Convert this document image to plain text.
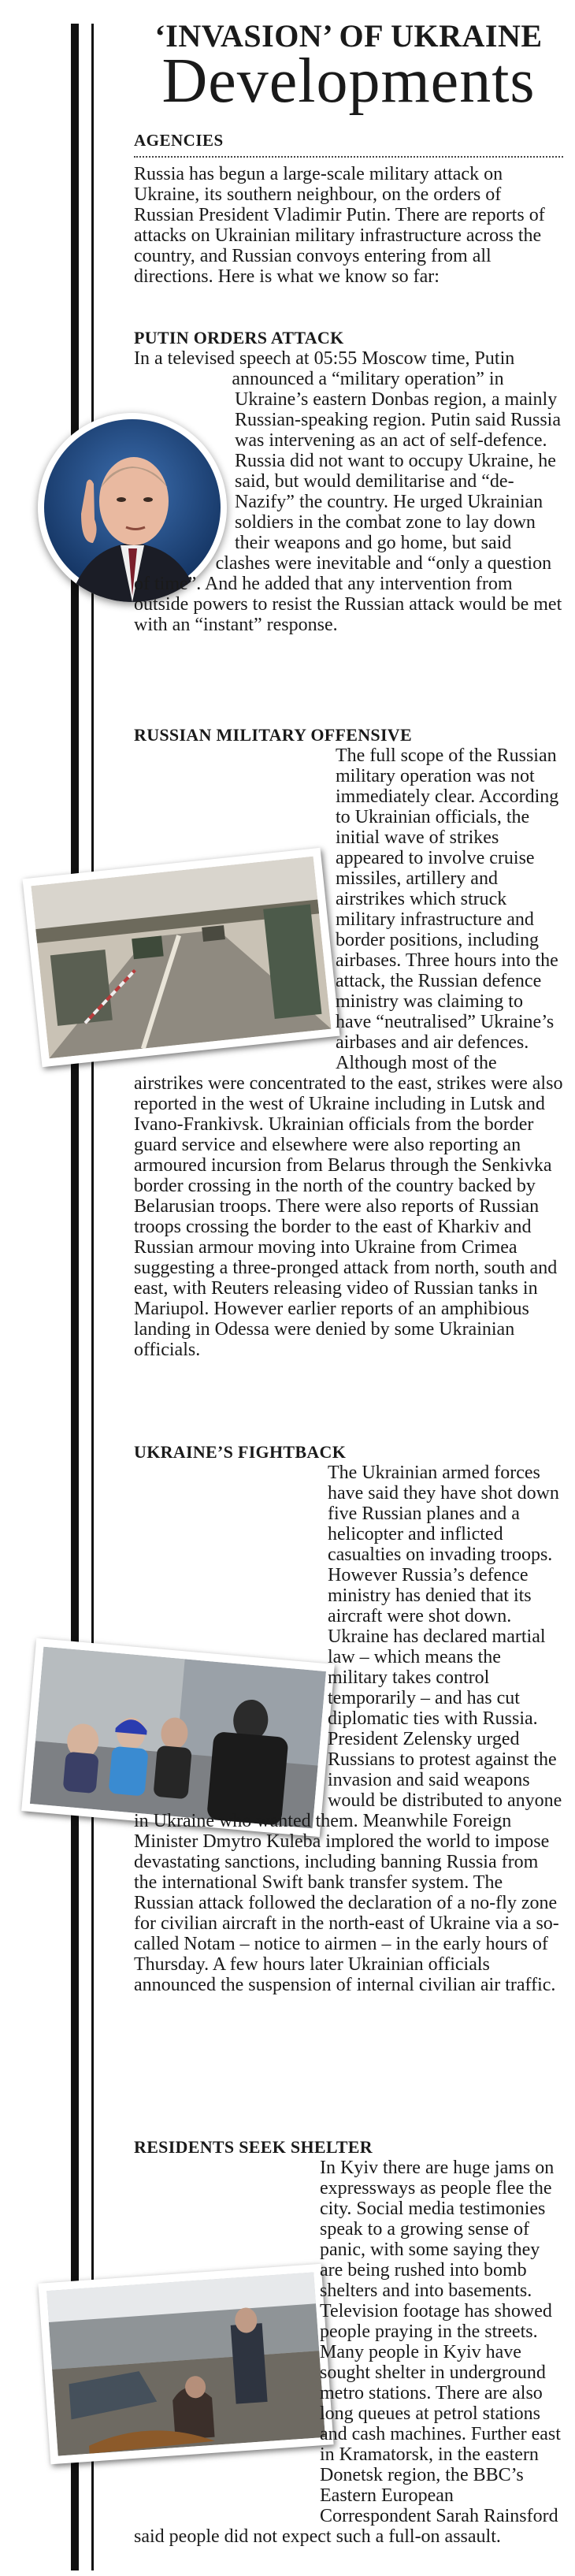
‘INVASION’ OF UKRAINE
Developments
AGENCIES

Russia has begun a large-scale military attack on Ukraine, its southern neighbour, on the orders of Russian President Vladimir Putin. There are reports of attacks on Ukrainian military infrastructure across the country, and Russian convoys entering from all directions. Here is what we know so far:

PUTIN ORDERS ATTACK

In a televised speech at 05:55 Moscow time, Putin announced a “military operation” in Ukraine’s eastern Donbas region, a mainly Russian-speaking region. Putin said Russia was intervening as an act of self-defence. Russia did not want to occupy Ukraine, he said, but would demilitarise and “de-Nazify” the country. He urged Ukrainian soldiers in the combat zone to lay down their weapons and go home, but said clashes were inevitable and “only a question of time”. And he added that any intervention from outside powers to resist the Russian attack would be met with an “instant” response.

RUSSIAN MILITARY OFFENSIVE

The full scope of the Russian military operation was not immediately clear. According to Ukrainian officials, the initial wave of strikes appeared to involve cruise missiles, artillery and airstrikes which struck military infrastructure and border positions, including airbases. Three hours into the attack, the Russian defence ministry was claiming to have “neutralised” Ukraine’s airbases and air defences. Although most of the airstrikes were concentrated to the east, strikes were also reported in the west of Ukraine including in Lutsk and Ivano-Frankivsk. Ukrainian officials from the border guard service and elsewhere were also reporting an armoured incursion from Belarus through the Senkivka border crossing in the north of the country backed by Belarusian troops. There were also reports of Russian troops crossing the border to the east of Kharkiv and Russian armour moving into Ukraine from Crimea suggesting a three-pronged attack from north, south and east, with Reuters releasing video of Russian tanks in Mariupol. However earlier reports of an amphibious landing in Odessa were denied by some Ukrainian officials.

UKRAINE’S FIGHTBACK

The Ukrainian armed forces have said they have shot down five Russian planes and a helicopter and inflicted casualties on invading troops. However Russia’s defence ministry has denied that its aircraft were shot down. Ukraine has declared martial law – which means the military takes control temporarily – and has cut diplomatic ties with Russia. President Zelensky urged Russians to protest against the invasion and said weapons would be distributed to anyone in Ukraine who wanted them. Meanwhile Foreign Minister Dmytro Kuleba implored the world to impose devastating sanctions, including banning Russia from the international Swift bank transfer system. The Russian attack followed the declaration of a no-fly zone for civilian aircraft in the north-east of Ukraine via a so-called Notam – notice to airmen – in the early hours of Thursday. A few hours later Ukrainian officials announced the suspension of internal civilian air traffic.

RESIDENTS SEEK SHELTER

In Kyiv there are huge jams on expressways as people flee the city. Social media testimonies speak to a growing sense of panic, with some saying they are being rushed into bomb shelters and into basements. Television footage has showed people praying in the streets. Many people in Kyiv have sought shelter in underground metro stations. There are also long queues at petrol stations and cash machines. Further east in Kramatorsk, in the eastern Donetsk region, the BBC’s Eastern European Correspondent Sarah Rainsford said people did not expect such a full-on assault.
